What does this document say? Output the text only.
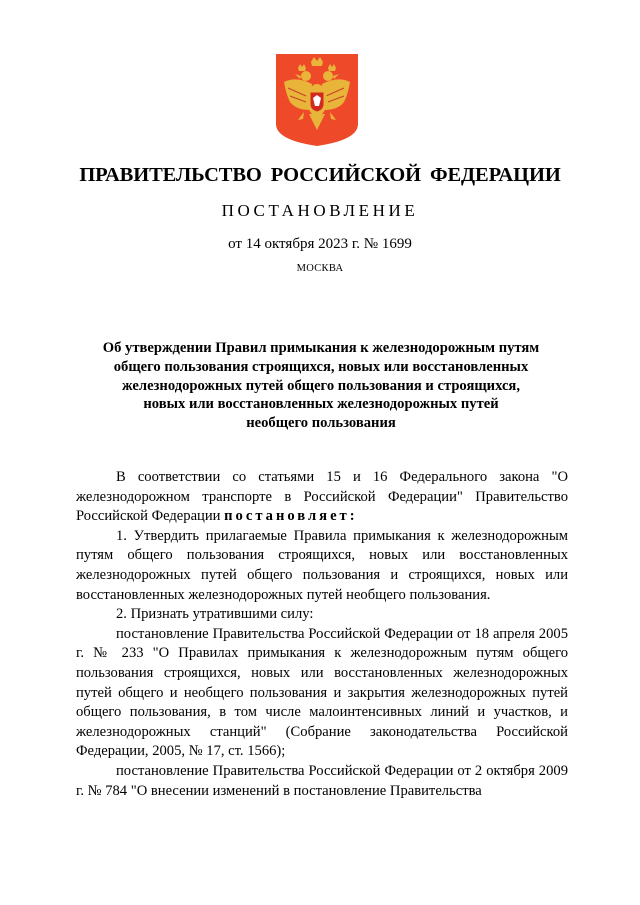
ПРАВИТЕЛЬСТВО РОССИЙСКОЙ ФЕДЕРАЦИИ
ПОСТАНОВЛЕНИЕ
от 14 октября 2023 г. № 1699
МОСКВА
Об утверждении Правил примыкания к железнодорожным путям
общего пользования строящихся, новых или восстановленных
железнодорожных путей общего пользования и строящихся,
новых или восстановленных железнодорожных путей
необщего пользования

В соответствии со статьями 15 и 16 Федерального закона "О железнодорожном транспорте в Российской Федерации" Правительство Российской Федерации постановляет:

1. Утвердить прилагаемые Правила примыкания к железнодорожным путям общего пользования строящихся, новых или восстановленных железнодорожных путей общего пользования и строящихся, новых или восстановленных железнодорожных путей необщего пользования.

2. Признать утратившими силу:

постановление Правительства Российской Федерации от 18 апреля 2005 г. № 233 "О Правилах примыкания к железнодорожным путям общего пользования строящихся, новых или восстановленных железнодорожных путей общего и необщего пользования и закрытия железнодорожных путей общего пользования, в том числе малоинтенсивных линий и участков, и железнодорожных станций" (Собрание законодательства Российской Федерации, 2005, № 17, ст. 1566);

постановление Правительства Российской Федерации от 2 октября 2009 г. № 784 "О внесении изменений в постановление Правительства
